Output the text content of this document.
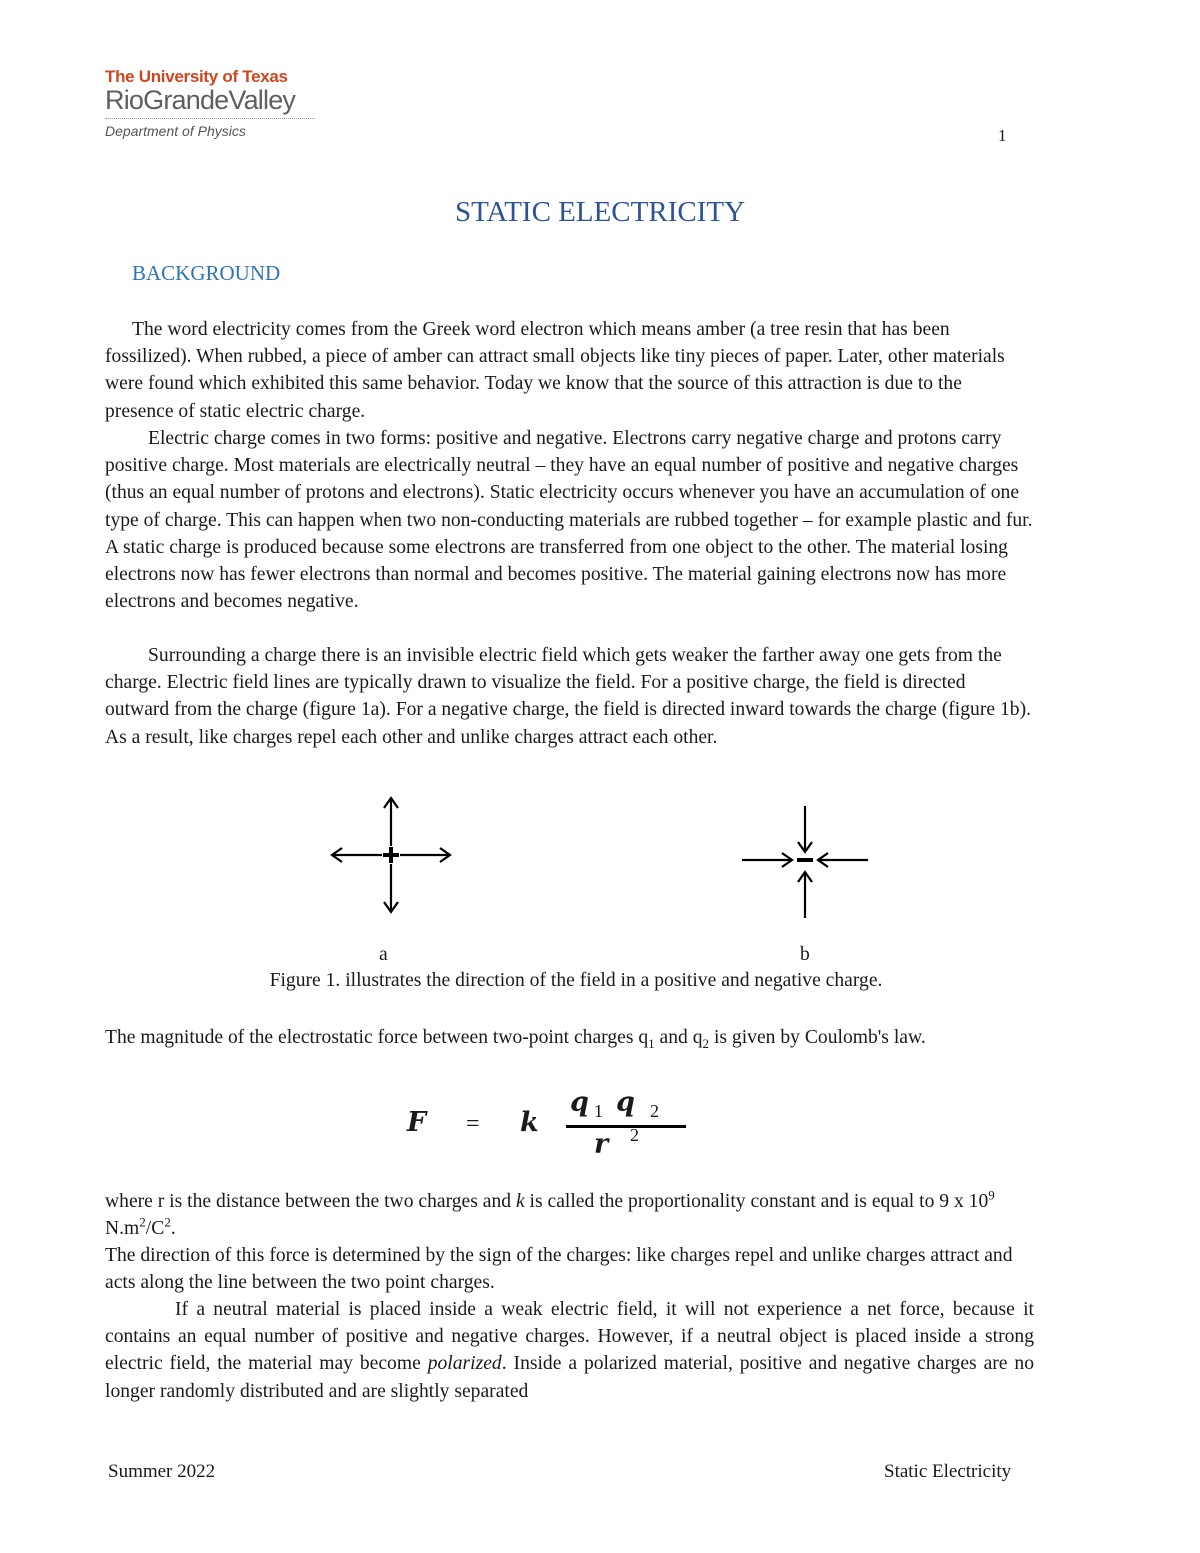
The University of Texas
RioGrandeValley
Department of Physics	1
STATIC ELECTRICITY
BACKGROUND

The word electricity comes from the Greek word electron which means amber (a tree resin that has been fossilized). When rubbed, a piece of amber can attract small objects like tiny pieces of paper. Later, other materials were found which exhibited this same behavior. Today we know that the source of this attraction is due to the presence of static electric charge.

Electric charge comes in two forms: positive and negative. Electrons carry negative charge and protons carry positive charge. Most materials are electrically neutral – they have an equal number of positive and negative charges (thus an equal number of protons and electrons). Static electricity occurs whenever you have an accumulation of one type of charge. This can happen when two non-conducting materials are rubbed together – for example plastic and fur. A static charge is produced because some electrons are transferred from one object to the other. The material losing electrons now has fewer electrons than normal and becomes positive. The material gaining electrons now has more electrons and becomes negative.

Surrounding a charge there is an invisible electric field which gets weaker the farther away one gets from the charge. Electric field lines are typically drawn to visualize the field. For a positive charge, the field is directed outward from the charge (figure 1a). For a negative charge, the field is directed inward towards the charge (figure 1b). As a result, like charges repel each other and unlike charges attract each other.

a	b
Figure 1. illustrates the direction of the field in a positive and negative charge.

The magnitude of the electrostatic force between two-point charges $q_1$ and $q_2$ is given by Coulomb's law.

F = k
q 1 q 2
r 2

where r is the distance between the two charges and k is called the proportionality constant and is equal to 9 x $10^9$ $N.m^2/C^2$.

The direction of this force is determined by the sign of the charges: like charges repel and unlike charges attract and acts along the line between the two point charges.

If a neutral material is placed inside a weak electric field, it will not experience a net force, because it contains an equal number of positive and negative charges. However, if a neutral object is placed inside a strong electric field, the material may become polarized. Inside a polarized material, positive and negative charges are no longer randomly distributed and are slightly separated

Summer 2022	Static Electricity
